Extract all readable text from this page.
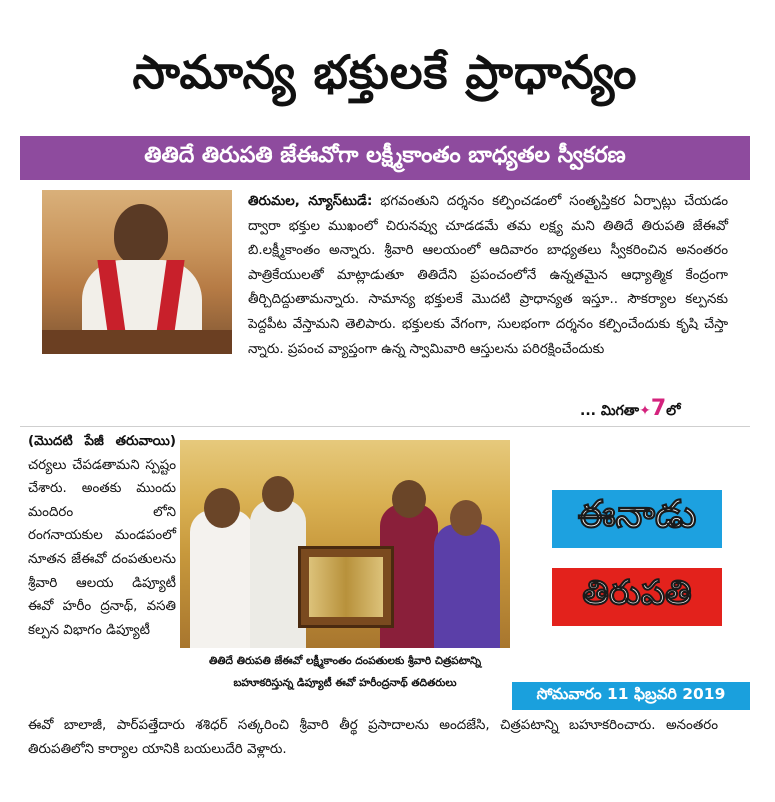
సామాన్య భక్తులకే ప్రాధాన్యం
తితిదే తిరుపతి జేఈవోగా లక్ష్మీకాంతం బాధ్యతల స్వీకరణ
తిరుమల, న్యూస్‌టుడే: భగవంతుని దర్శనం కల్పించడంలో సంతృప్తికర ఏర్పాట్లు చేయడం ద్వారా భక్తుల ముఖంలో చిరునవ్వు చూడడమే తమ లక్ష్య మని తితిదే తిరుపతి జేఈవో బి.లక్ష్మీకాంతం అన్నారు. శ్రీవారి ఆలయంలో ఆదివారం బాధ్యతలు స్వీకరించిన అనంతరం పాత్రికేయులతో మాట్లాడుతూ తితిదేని ప్రపంచంలోనే ఉన్నతమైన ఆధ్యాత్మిక కేంద్రంగా తీర్చిదిద్దుతామన్నారు. సామాన్య భక్తులకే మొదటి ప్రాధాన్యత ఇస్తూ.. సౌకర్యాల కల్పనకు పెద్దపీట వేస్తామని తెలిపారు. భక్తులకు వేగంగా, సులభంగా దర్శనం కల్పించేందుకు కృషి చేస్తా న్నారు. ప్రపంచ వ్యాప్తంగా ఉన్న స్వామివారి ఆస్తులను పరిరక్షించేందుకు
... మిగతా✦7లో
(మొదటి పేజీ తరువాయి) చర్యలు చేపడతామని స్పష్టం చేశారు. అంతకు ముందు మందిరం లోని రంగనాయకుల మండపంలో నూతన జేఈవో దంపతులను శ్రీవారి ఆలయ డిప్యూటీ ఈవో హరీం ద్రనాథ్, వసతి కల్పన విభాగం డిప్యూటీ
తితిదే తిరుపతి జేఈవో లక్ష్మీకాంతం దంపతులకు శ్రీవారి చిత్రపటాన్ని బహూకరిస్తున్న డిప్యూటీ ఈవో హరీంద్రనాథ్ తదితరులు
ఈనాడు
తిరుపతి
సోమవారం 11 ఫిబ్రవరి 2019
ఈవో బాలాజీ, పార్‌పత్తేదారు శశిధర్ సత్కరించి శ్రీవారి తీర్థ ప్రసాదాలను అందజేసి, చిత్రపటాన్ని బహూకరించారు. అనంతరం తిరుపతిలోని కార్యాల యానికి బయలుదేరి వెళ్లారు.
